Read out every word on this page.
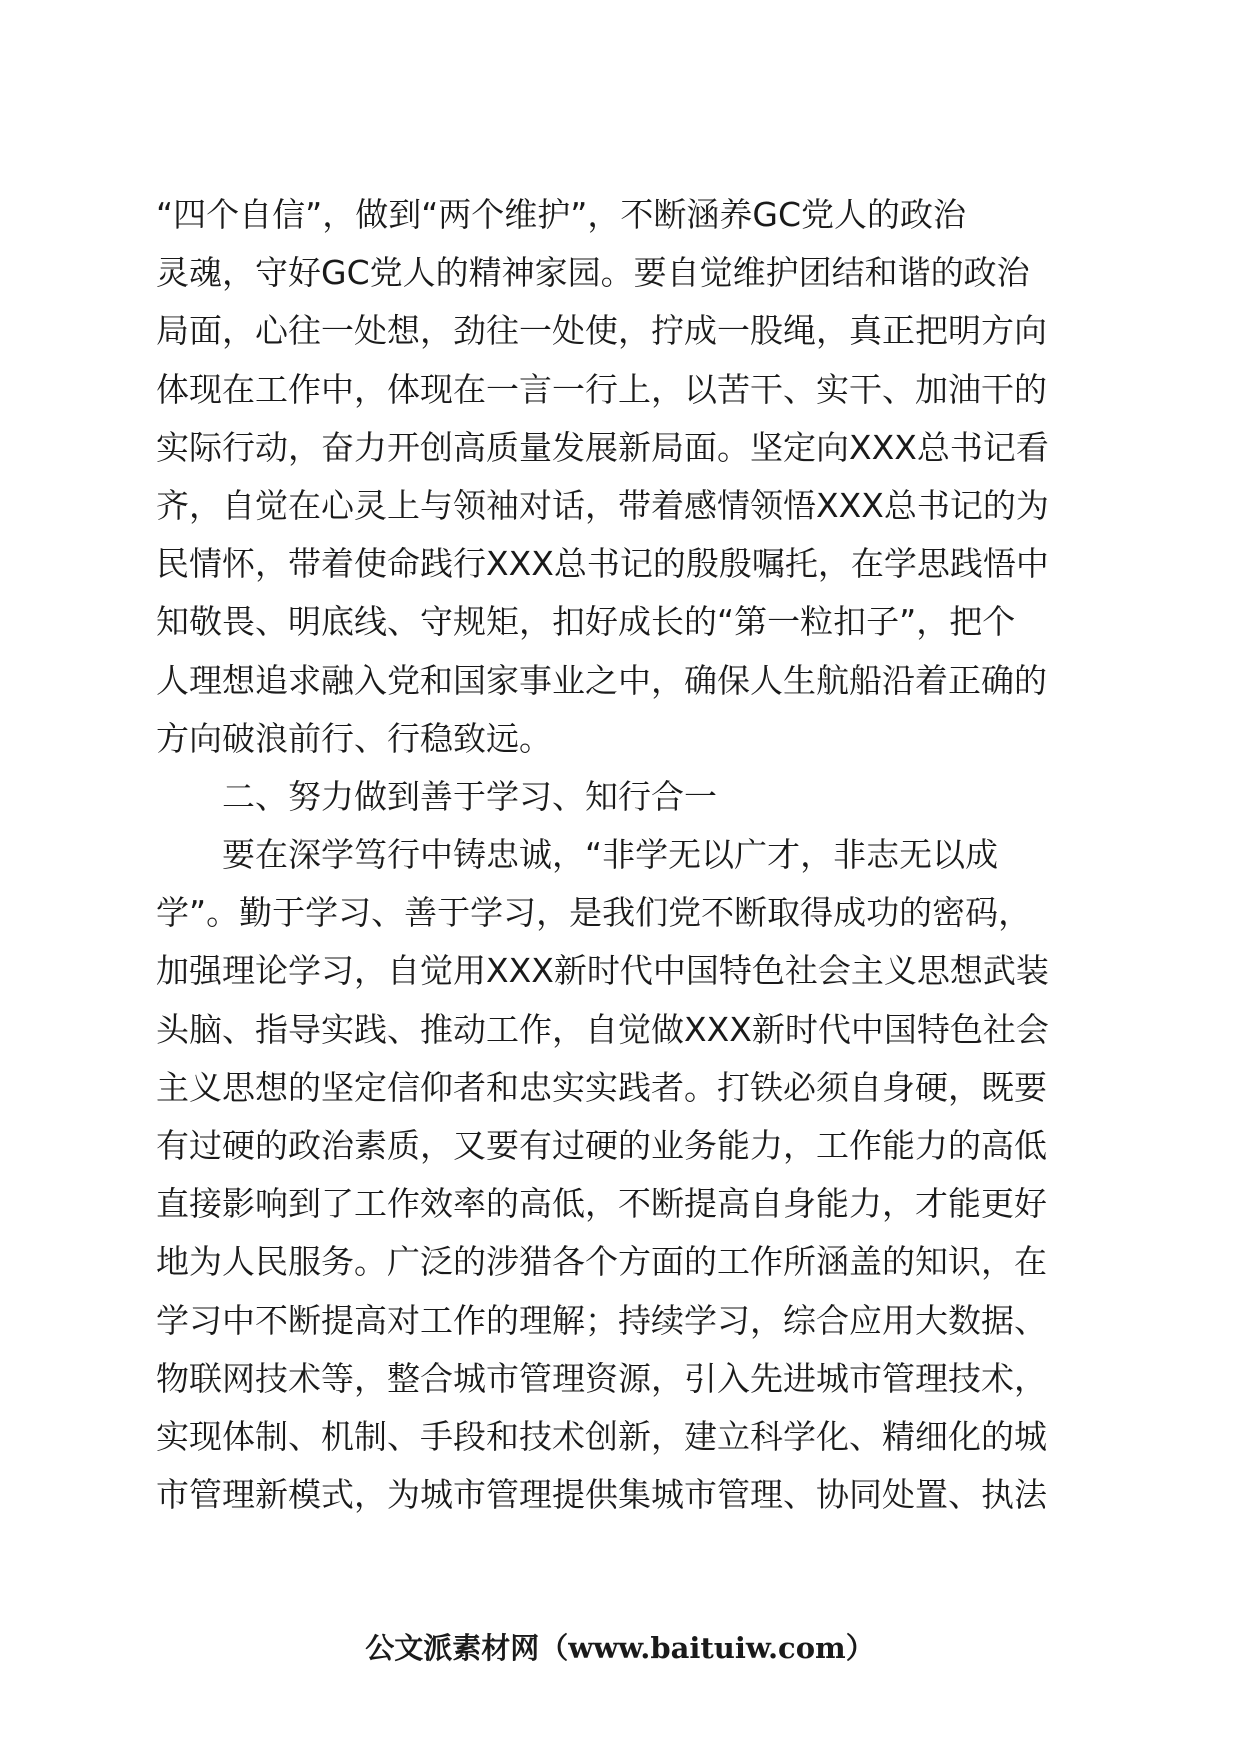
“四个自信”，做到“两个维护”，不断涵养GC党人的政治
灵魂，守好GC党人的精神家园。要自觉维护团结和谐的政治
局面，心往一处想，劲往一处使，拧成一股绳，真正把明方向
体现在工作中，体现在一言一行上，以苦干、实干、加油干的
实际行动，奋力开创高质量发展新局面。坚定向XXX总书记看
齐，自觉在心灵上与领袖对话，带着感情领悟XXX总书记的为
民情怀，带着使命践行XXX总书记的殷殷嘱托，在学思践悟中
知敬畏、明底线、守规矩，扣好成长的“第一粒扣子”，把个
人理想追求融入党和国家事业之中，确保人生航船沿着正确的
方向破浪前行、行稳致远。
二、努力做到善于学习、知行合一
要在深学笃行中铸忠诚，“非学无以广才，非志无以成
学”。勤于学习、善于学习，是我们党不断取得成功的密码，
加强理论学习，自觉用XXX新时代中国特色社会主义思想武装
头脑、指导实践、推动工作，自觉做XXX新时代中国特色社会
主义思想的坚定信仰者和忠实实践者。打铁必须自身硬，既要
有过硬的政治素质，又要有过硬的业务能力，工作能力的高低
直接影响到了工作效率的高低，不断提高自身能力，才能更好
地为人民服务。广泛的涉猎各个方面的工作所涵盖的知识，在
学习中不断提高对工作的理解；持续学习，综合应用大数据、
物联网技术等，整合城市管理资源，引入先进城市管理技术，
实现体制、机制、手段和技术创新，建立科学化、精细化的城
市管理新模式，为城市管理提供集城市管理、协同处置、执法
公文派素材网（www.baituiw.com）
